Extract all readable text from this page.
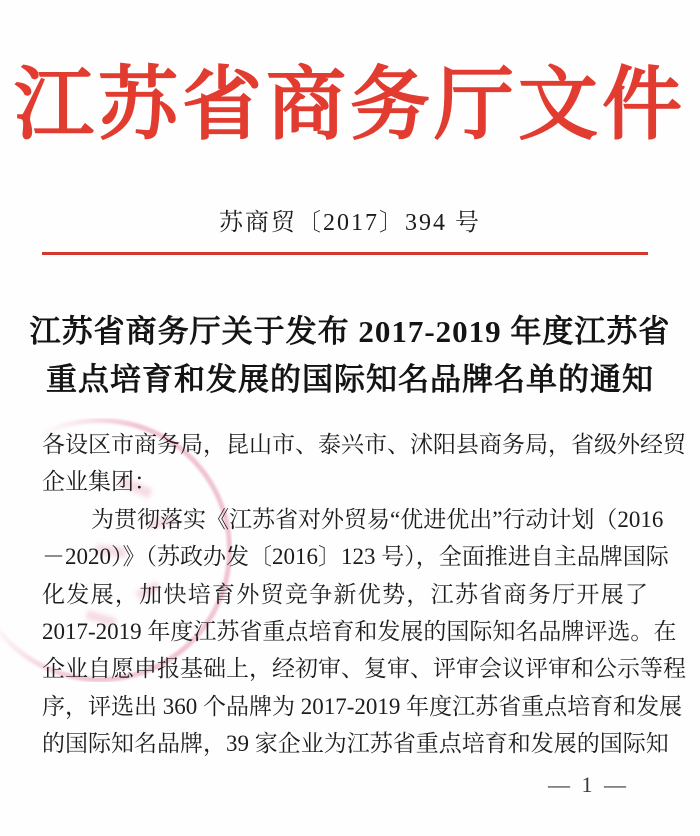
江苏省商务厅文件
苏商贸〔2017〕394 号
江苏省商务厅关于发布 2017-2019 年度江苏省
重点培育和发展的国际知名品牌名单的通知
各设区市商务局，昆山市、泰兴市、沭阳县商务局，省级外经贸
企业集团：
为贯彻落实《江苏省对外贸易“优进优出”行动计划（2016
－2020）》（苏政办发〔2016〕123 号），全面推进自主品牌国际
化发展，加快培育外贸竞争新优势，江苏省商务厅开展了
2017-2019 年度江苏省重点培育和发展的国际知名品牌评选。在
企业自愿申报基础上，经初审、复审、评审会议评审和公示等程
序，评选出 360 个品牌为 2017-2019 年度江苏省重点培育和发展
的国际知名品牌，39 家企业为江苏省重点培育和发展的国际知
— 1 —
